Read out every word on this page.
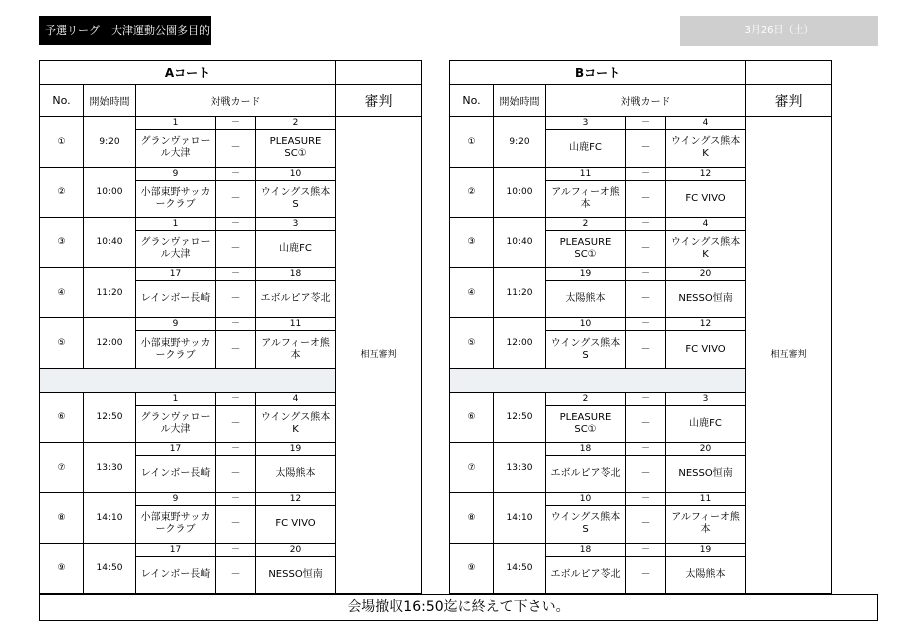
予選リーグ　大津運動公園多目的	3月26日（土）
Aコート					
No.	開始時間	対戦カード			審判
①	9:20	1	－	2	相互審判
		グランヴァロール大津	－	PLEASURE　SC①	
②	10:00	9	－	10	
		小部東野サッカークラブ	－	ウイングス熊本S	
③	10:40	1	－	3	
		グランヴァロール大津	－	山鹿FC	
④	11:20	17	－	18	
		レインボー長崎	－	エボルピア苓北	
⑤	12:00	9	－	11	
		小部東野サッカークラブ	－	アルフィーオ熊本	

⑥	12:50	1	－	4	
		グランヴァロール大津	－	ウイングス熊本K	
⑦	13:30	17	－	19	
		レインボー長崎	－	太陽熊本	
⑧	14:10	9	－	12	
		小部東野サッカークラブ	－	FC VIVO	
⑨	14:50	17	－	20	
		レインボー長崎	－	NESSO恒南	
Bコート					
No.	開始時間	対戦カード			審判
①	9:20	3	－	4	相互審判
		山鹿FC	－	ウイングス熊本K	
②	10:00	11	－	12	
		アルフィーオ熊本	－	FC VIVO	
③	10:40	2	－	4	
		PLEASURE　SC①	－	ウイングス熊本K	
④	11:20	19	－	20	
		太陽熊本	－	NESSO恒南	
⑤	12:00	10	－	12	
		ウイングス熊本S	－	FC VIVO	

⑥	12:50	2	－	3	
		PLEASURE　SC①	－	山鹿FC	
⑦	13:30	18	－	20	
		エボルピア苓北	－	NESSO恒南	
⑧	14:10	10	－	11	
		ウイングス熊本S	－	アルフィーオ熊本	
⑨	14:50	18	－	19	
		エボルピア苓北	－	太陽熊本	
会場撤収16:50迄に終えて下さい。
